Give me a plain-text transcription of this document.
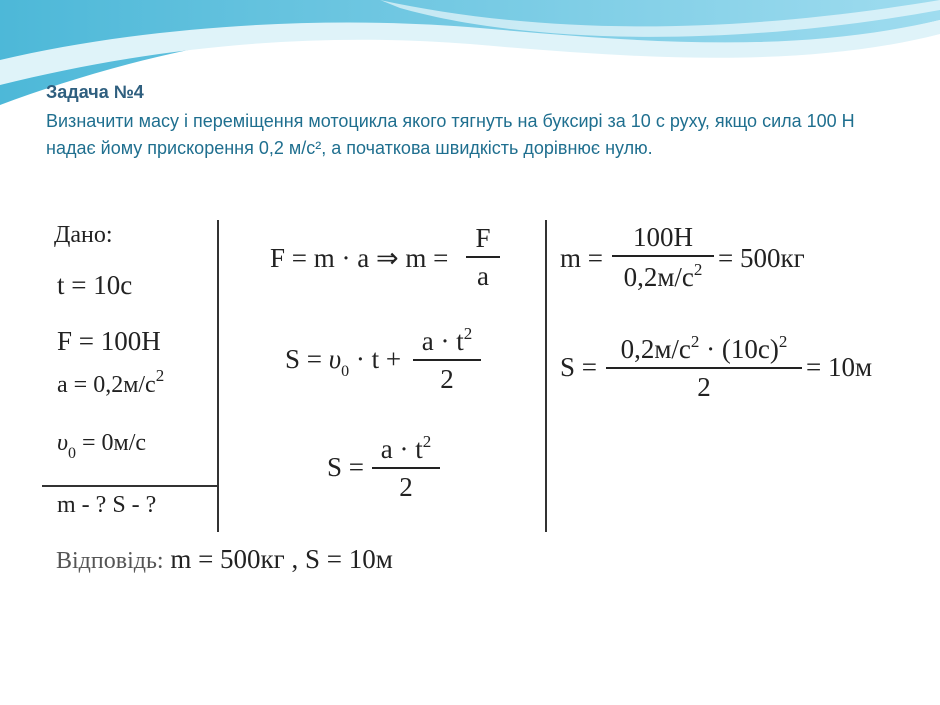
Задача №4
Визначити масу і переміщення мотоцикла якого тягнуть на буксирі за 10 с руху, якщо сила 100 Н надає йому прискорення 0,2 м/с², а початкова швидкість дорівнює нулю.
Дано:
t = 10c
F = 100H
$a = 0,2м/c^2$
$\upsilon_0 = 0м/c$
m - ? S - ?
F = m · a ⇒ m =
F
a
$S = \upsilon_0 \cdot t$ +
$a \cdot t^2$
2
S =
$a \cdot t^2$
2
m =
100H
$0,2м/c^2 = 500кг$
S =
$0,2м/c^2 \cdot (10c)^2$
2
= 10м
Відповідь: m = 500кг , S = 10м
